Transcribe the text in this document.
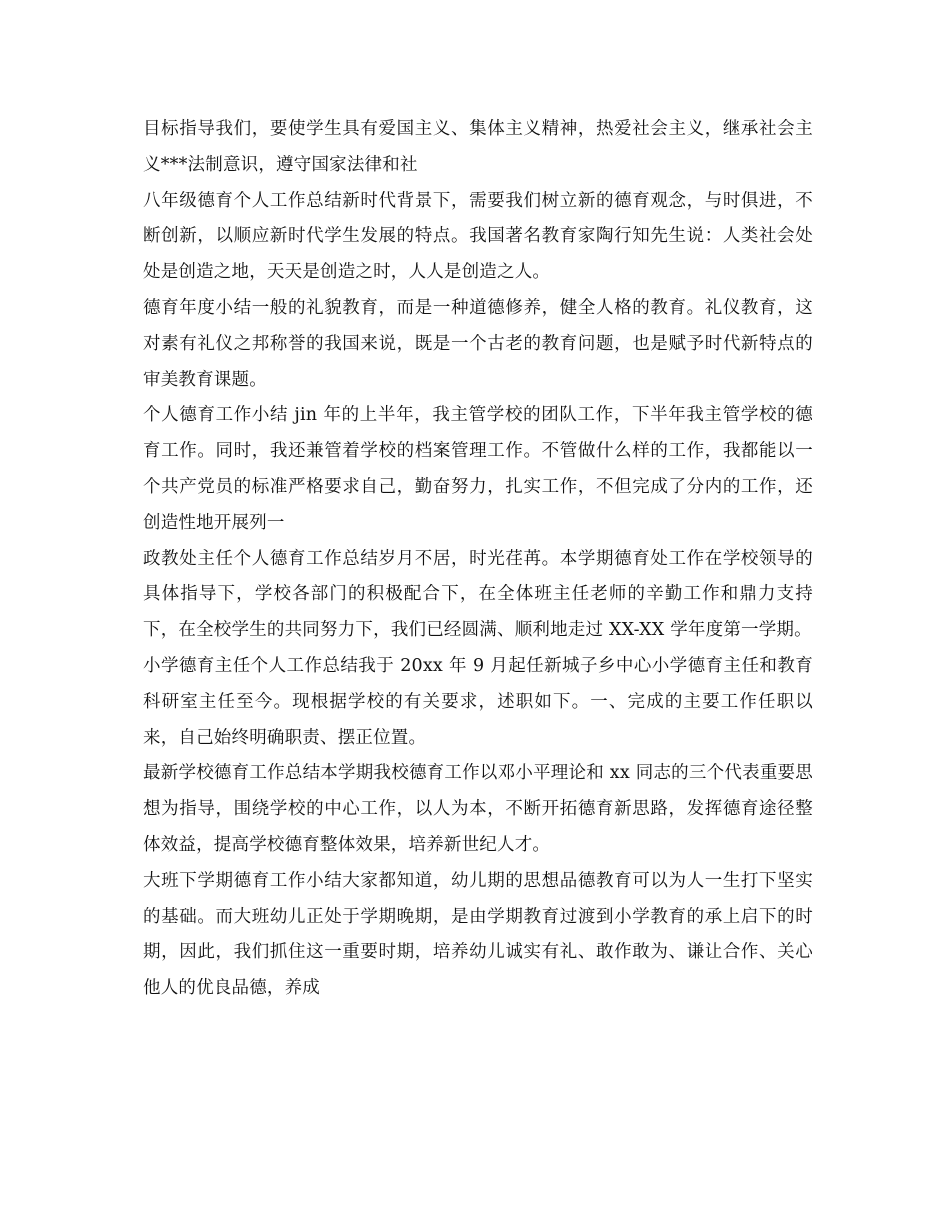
目标指导我们，要使学生具有爱国主义、集体主义精神，热爱社会主义，继承社会主义***法制意识，遵守国家法律和社

八年级德育个人工作总结新时代背景下，需要我们树立新的德育观念，与时俱进，不断创新，以顺应新时代学生发展的特点。我国著名教育家陶行知先生说：人类社会处处是创造之地，天天是创造之时，人人是创造之人。

德育年度小结一般的礼貌教育，而是一种道德修养，健全人格的教育。礼仪教育，这对素有礼仪之邦称誉的我国来说，既是一个古老的教育问题，也是赋予时代新特点的审美教育课题。

个人德育工作小结 jin 年的上半年，我主管学校的团队工作，下半年我主管学校的德育工作。同时，我还兼管着学校的档案管理工作。不管做什么样的工作，我都能以一个共产党员的标准严格要求自己，勤奋努力，扎实工作，不但完成了分内的工作，还创造性地开展列一

政教处主任个人德育工作总结岁月不居，时光荏苒。本学期德育处工作在学校领导的具体指导下，学校各部门的积极配合下，在全体班主任老师的辛勤工作和鼎力支持下，在全校学生的共同努力下，我们已经圆满、顺利地走过 XX-XX 学年度第一学期。

小学德育主任个人工作总结我于 20xx 年 9 月起任新城子乡中心小学德育主任和教育科研室主任至今。现根据学校的有关要求，述职如下。一、完成的主要工作任职以来，自己始终明确职责、摆正位置。

最新学校德育工作总结本学期我校德育工作以邓小平理论和 xx 同志的三个代表重要思想为指导，围绕学校的中心工作，以人为本，不断开拓德育新思路，发挥德育途径整体效益，提高学校德育整体效果，培养新世纪人才。

大班下学期德育工作小结大家都知道，幼儿期的思想品德教育可以为人一生打下坚实的基础。而大班幼儿正处于学期晚期，是由学期教育过渡到小学教育的承上启下的时期，因此，我们抓住这一重要时期，培养幼儿诚实有礼、敢作敢为、谦让合作、关心他人的优良品德，养成
